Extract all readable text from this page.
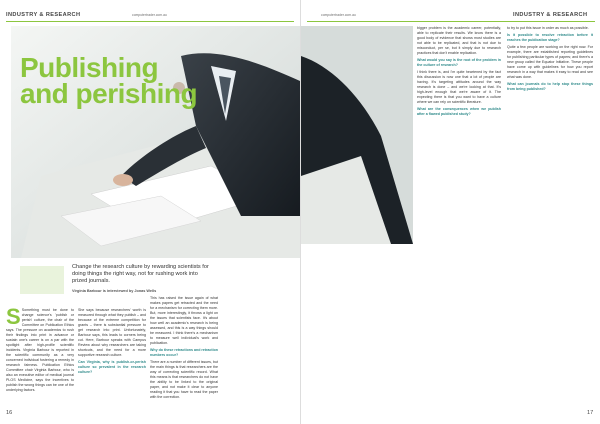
INDUSTRY & RESEARCH	computertrader.com.au
Publishing
and perishing
Change the research culture by rewarding scientists for doing things the right way, not for rushing work into prized journals.
Virginia Barbour is interviewed by Jonas Wells
S Something must be done to change science's 'publish or perish' culture, the chair of the Committee on Publication Ethics says. The pressure on academics to rush their findings into print in advance or sustain one's career is on a par with the spotlight after high-profile scientific incidents. Virginia Barbour is reported in the scientific community as a very concerned individual fostering a remedy in research fairness. Publication Ethics Committee chair Virginia Barbour, who is also an executive editor of medical journal PLOS Medicine, says the incentives to publish the wrong things can be one of the underlying factors.

She says because researchers' worth is measured through what they publish – and because of the extreme competition for grants – there is substantial pressure to get research into print. Unfortunately, Barbour says, this leads to corners being cut. Here, Barbour speaks with Campus Review about why researchers are taking shortcuts, and the need for a more supportive research culture.

Can Virginia, why is publish-or-perish culture so prevalent in the research culture?

This has raised the issue again of what makes papers get retracted and the need for a mechanism for correcting them more. But, more interestingly, it throws a light on the issues that scientists face. It's about how well an academic's research is being assessed, and this is a way things should be measured. I think there's a mechanism to measure well individual's work and publication.

Why do these retractions and retraction numbers occur?

There are a number of different issues, but the main things is that researchers are the way of correcting scientific record. What this means is that researchers do not have the ability to be linked to the original paper, and not make it clear to anyone reading it that you have to read the paper with the correction.

16
computertrader.com.au	INDUSTRY & RESEARCH

bigger problem is the academic career, potentially, able to replicate their results. We know there is a good body of evidence that shows most studies are not able to be replicated, and that is not due to misconduct, per se, but it simply due to research practices that don't enable replication.

What would you say is the root of the problem in the culture of research?

I think there is, and I'm quite heartened by the fact this discussion is now one that a lot of people are having. It's targeting attitudes around the way research is done – and we're looking at that. It's high-level enough that we're aware of it. The expecting there is that you want to have a culture where we can rely on scientific literature.

What are the consequences when we publish after a flawed published study?

to try to put this issue in order as much as possible.

Is it possible to resolve retraction before it reaches the publication stage?

Quite a few people are working on the right now. For example, there are established reporting guidelines for publishing particular types of papers; and there's a new group called the Equator Initiative. These people have come up with guidelines for how you report research in a way that makes it easy to read and see what was done.

What can journals do to help stop these things from being published?

17
